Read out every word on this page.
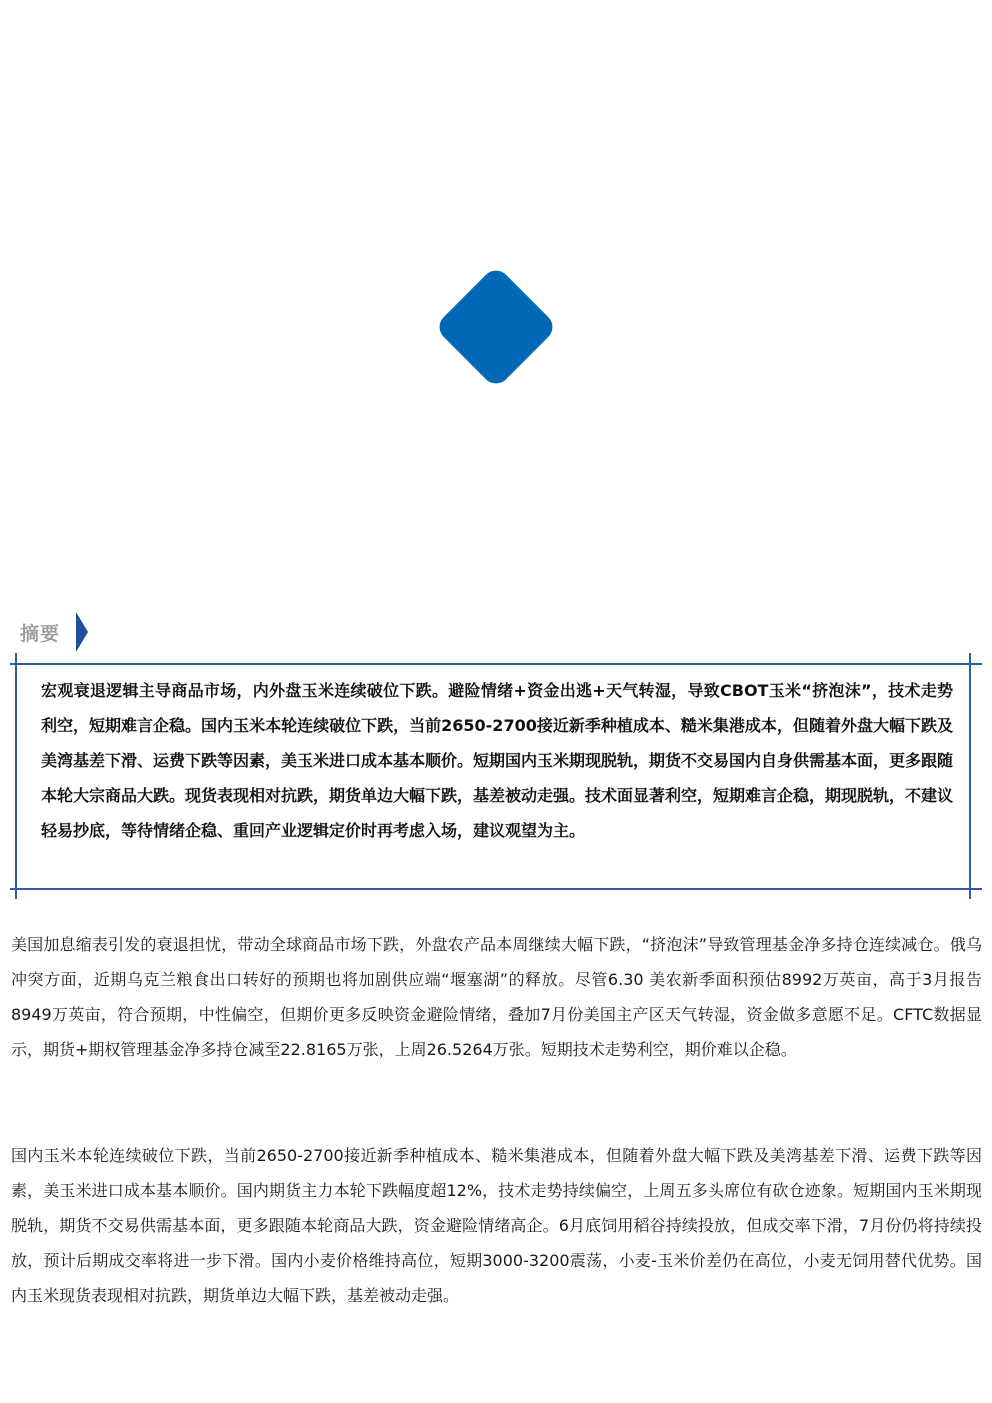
摘要
宏观衰退逻辑主导商品市场，内外盘玉米连续破位下跌。避险情绪+资金出逃+天气转湿，导致CBOT玉米“挤泡沫”，技术走势利空，短期难言企稳。国内玉米本轮连续破位下跌，当前2650-2700接近新季种植成本、糙米集港成本，但随着外盘大幅下跌及美湾基差下滑、运费下跌等因素，美玉米进口成本基本顺价。短期国内玉米期现脱轨，期货不交易国内自身供需基本面，更多跟随本轮大宗商品大跌。现货表现相对抗跌，期货单边大幅下跌，基差被动走强。技术面显著利空，短期难言企稳，期现脱轨，不建议轻易抄底，等待情绪企稳、重回产业逻辑定价时再考虑入场，建议观望为主。
美国加息缩表引发的衰退担忧，带动全球商品市场下跌，外盘农产品本周继续大幅下跌，“挤泡沫”导致管理基金净多持仓连续减仓。俄乌冲突方面，近期乌克兰粮食出口转好的预期也将加剧供应端“堰塞湖”的释放。尽管6.30 美农新季面积预估8992万英亩，高于3月报告8949万英亩，符合预期，中性偏空，但期价更多反映资金避险情绪，叠加7月份美国主产区天气转湿，资金做多意愿不足。CFTC数据显示，期货+期权管理基金净多持仓减至22.8165万张，上周26.5264万张。短期技术走势利空，期价难以企稳。
国内玉米本轮连续破位下跌，当前2650-2700接近新季种植成本、糙米集港成本，但随着外盘大幅下跌及美湾基差下滑、运费下跌等因素，美玉米进口成本基本顺价。国内期货主力本轮下跌幅度超12%，技术走势持续偏空，上周五多头席位有砍仓迹象。短期国内玉米期现脱轨，期货不交易供需基本面，更多跟随本轮商品大跌，资金避险情绪高企。6月底饲用稻谷持续投放，但成交率下滑，7月份仍将持续投放，预计后期成交率将进一步下滑。国内小麦价格维持高位，短期3000-3200震荡，小麦-玉米价差仍在高位，小麦无饲用替代优势。国内玉米现货表现相对抗跌，期货单边大幅下跌，基差被动走强。
